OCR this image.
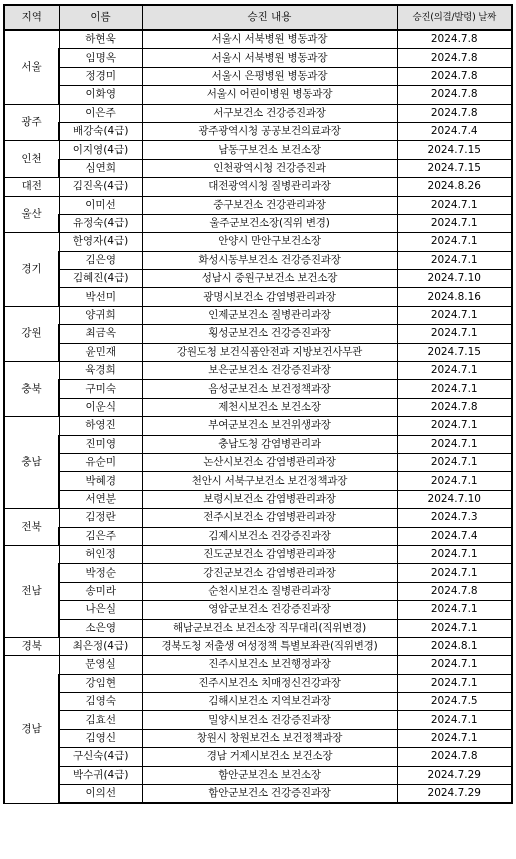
지역	이름	승진 내용	승진(의결/발령) 날짜
서울	하현욱	서울시 서북병원 병동과장	2024.7.8
	임명옥	서울시 서북병원 병동과장	2024.7.8
	정경미	서울시 은평병원 병동과장	2024.7.8
	이화영	서울시 어린이병원 병동과장	2024.7.8
광주	이은주	서구보건소 건강증진과장	2024.7.8
	배강숙(4급)	광주광역시청 공공보건의료과장	2024.7.4
인천	이지영(4급)	남동구보건소 보건소장	2024.7.15
	심연희	인천광역시청 건강증진과	2024.7.15
대전	김진옥(4급)	대전광역시청 질병관리과장	2024.8.26
울산	이미선	중구보건소 건강관리과장	2024.7.1
	유정숙(4급)	울주군보건소장(직위 변경)	2024.7.1
경기	한영자(4급)	안양시 만안구보건소장	2024.7.1
	김은영	화성시동부보건소 건강증진과장	2024.7.1
	김혜진(4급)	성남시 중원구보건소 보건소장	2024.7.10
	박선미	광명시보건소 감염병관리과장	2024.8.16
강원	양귀희	인제군보건소 질병관리과장	2024.7.1
	최금옥	횡성군보건소 건강증진과장	2024.7.1
	윤민재	강원도청 보건식품안전과 지방보건사무관	2024.7.15
충북	육경희	보은군보건소 건강증진과장	2024.7.1
	구미숙	음성군보건소 보건정책과장	2024.7.1
	이운식	제천시보건소 보건소장	2024.7.8
충남	하영진	부여군보건소 보건위생과장	2024.7.1
	진미영	충남도청 감염병관리과	2024.7.1
	유순미	논산시보건소 감염병관리과장	2024.7.1
	박혜경	천안시 서북구보건소 보건정책과장	2024.7.1
	서연분	보령시보건소 감염병관리과장	2024.7.10
전북	김정란	전주시보건소 감염병관리과장	2024.7.3
	김은주	김제시보건소 건강증진과장	2024.7.4
전남	허인정	진도군보건소 감염병관리과장	2024.7.1
	박정순	강진군보건소 감염병관리과장	2024.7.1
	송미라	순천시보건소 질병관리과장	2024.7.8
	나은실	영암군보건소 건강증진과장	2024.7.1
	소은영	해남군보건소 보건소장 직무대리(직위변경)	2024.7.1
경북	최은정(4급)	경북도청 저출생 여성정책 특별보좌관(직위변경)	2024.8.1
경남	문영실	진주시보건소 보건행정과장	2024.7.1
	강임현	진주시보건소 치매정신건강과장	2024.7.1
	김영숙	김해시보건소 지역보건과장	2024.7.5
	김효선	밀양시보건소 건강증진과장	2024.7.1
	김영신	창원시 창원보건소 보건정책과장	2024.7.1
	구신숙(4급)	경남 거제시보건소 보건소장	2024.7.8
	박수귀(4급)	함안군보건소 보건소장	2024.7.29
	이의선	함안군보건소 건강증진과장	2024.7.29
